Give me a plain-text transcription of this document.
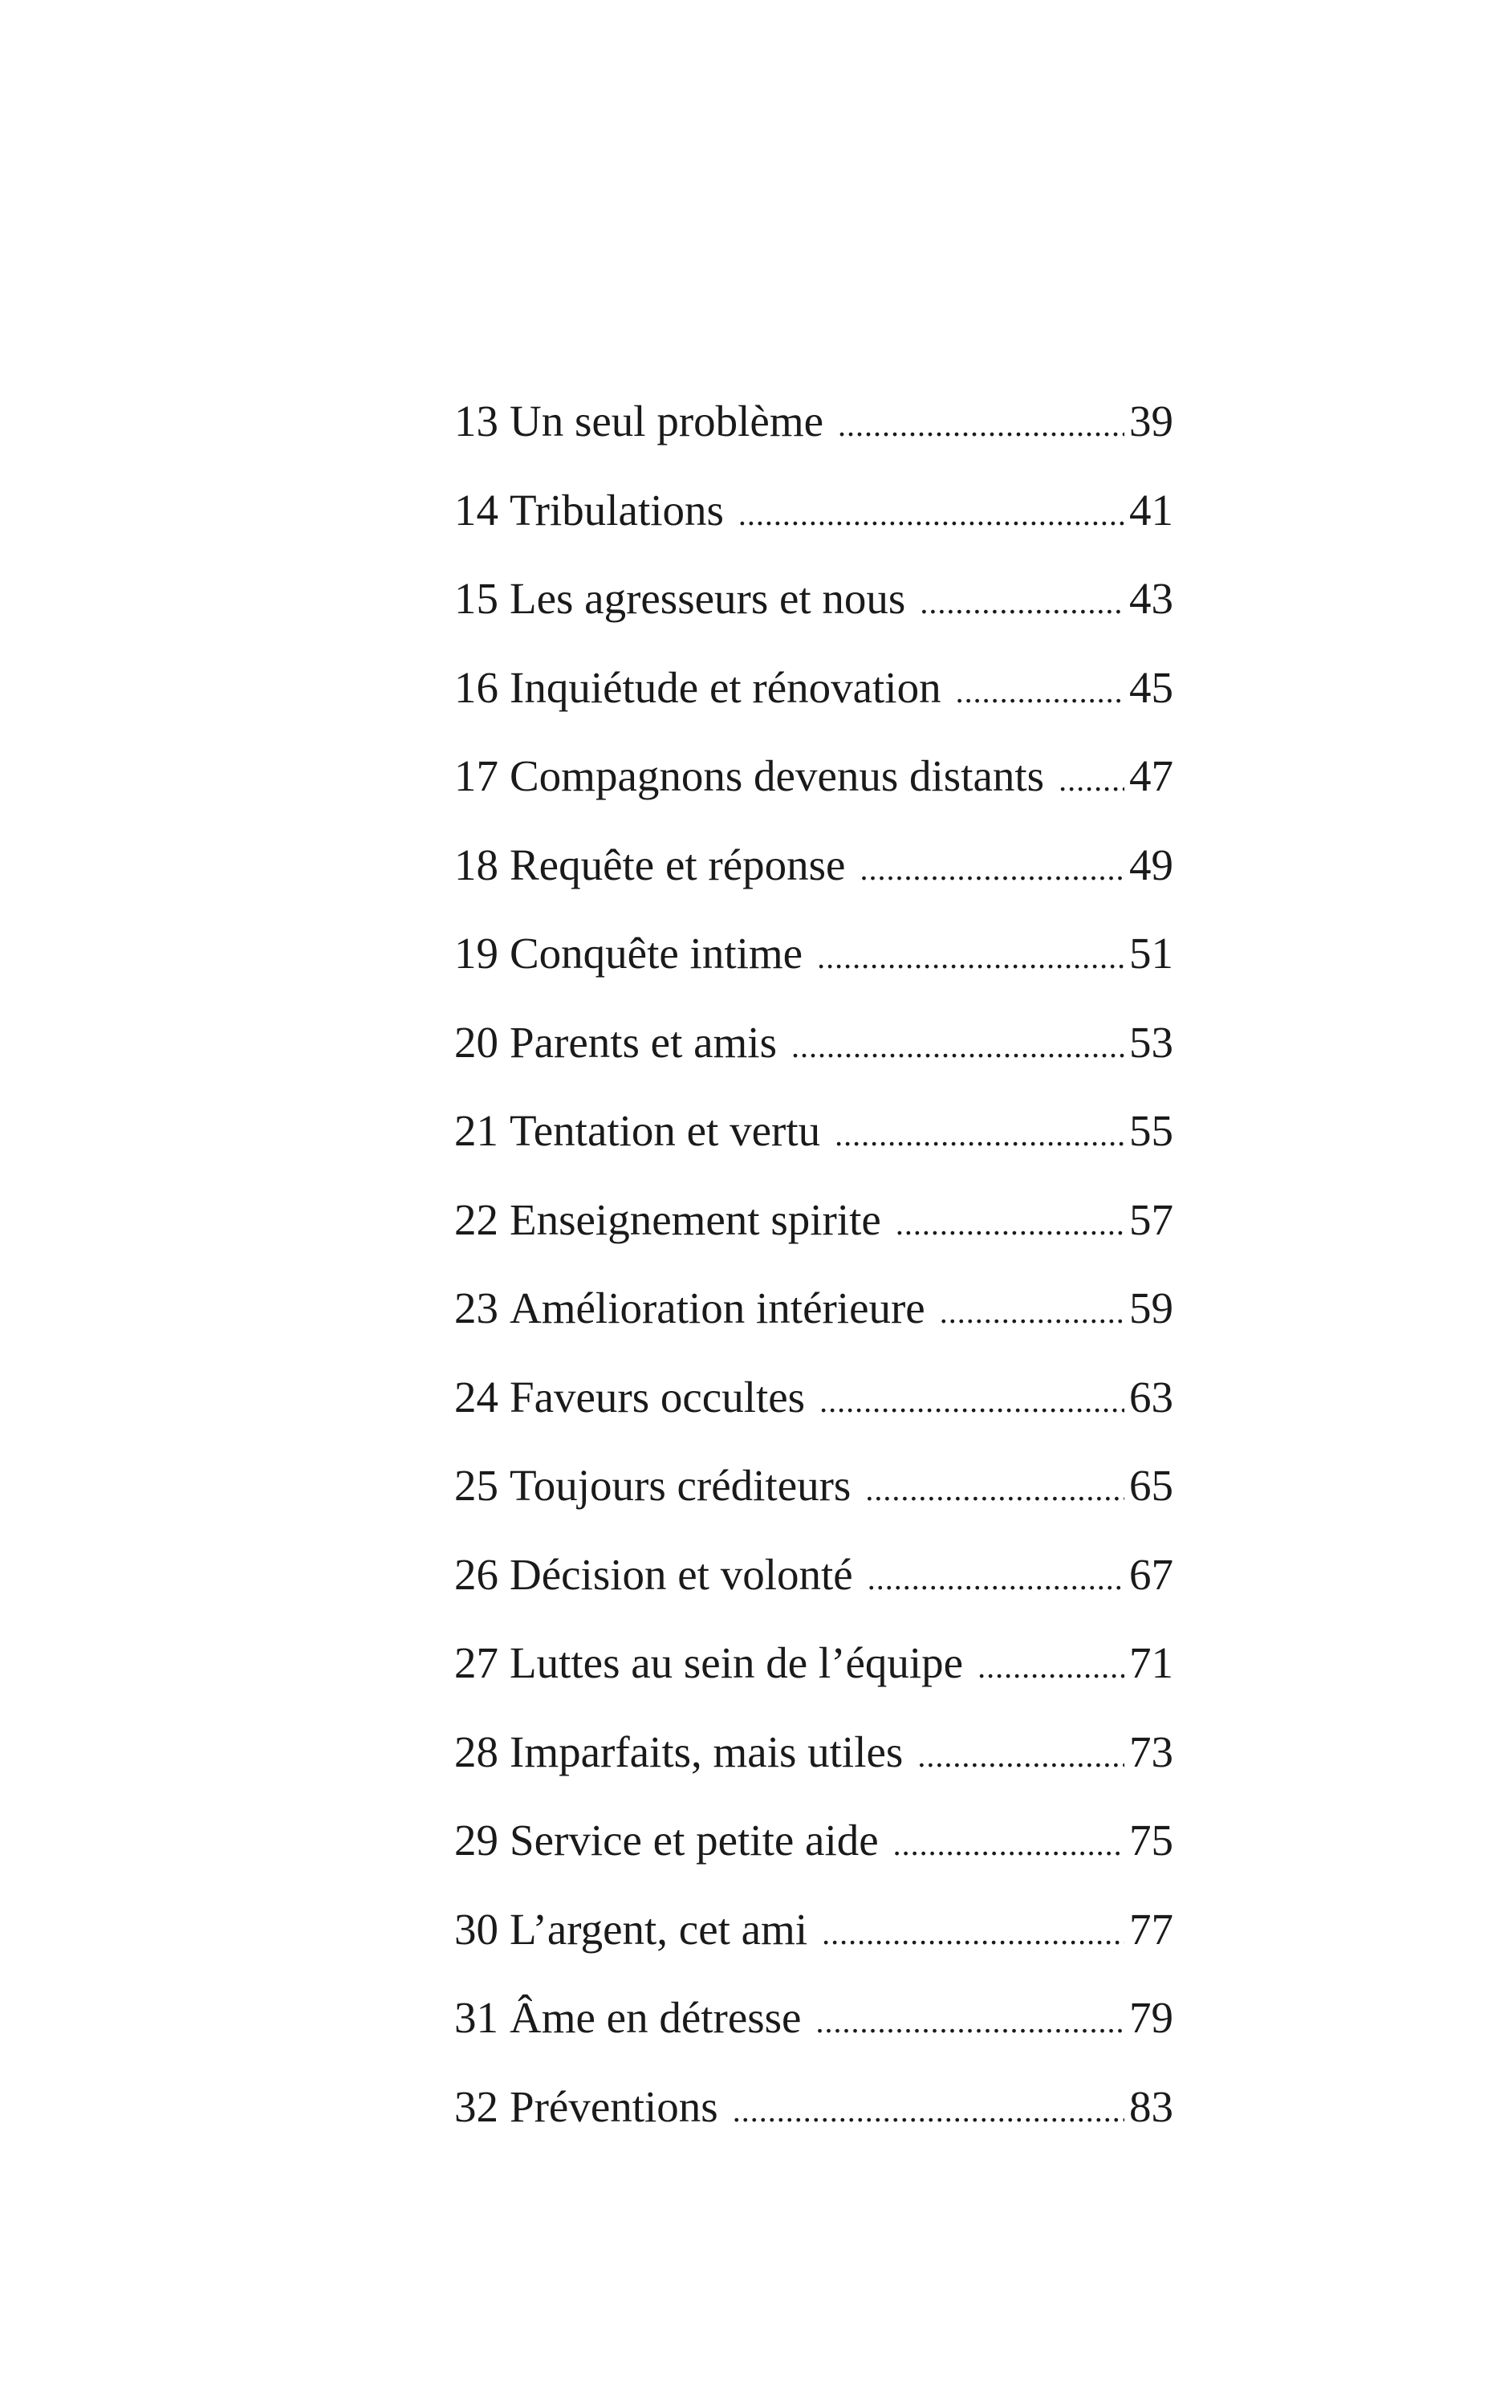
13 Un seul problème .....	39
14 Tribulations .....	41
15 Les agresseurs et nous .....	43
16 Inquiétude et rénovation .....	45
17 Compagnons devenus distants ..... 47
18 Requête et réponse .....	49
19 Conquête intime .....	51
20 Parents et amis .....	53
21 Tentation et vertu .....	55
22 Enseignement spirite .....	57
23 Amélioration intérieure .....	59
24 Faveurs occultes .....	63
25 Toujours créditeurs .....	65
26 Décision et volonté .....	67
27 Luttes au sein de l’équipe .....	71
28 Imparfaits, mais utiles .....	73
29 Service et petite aide .....	75
30 L’argent, cet ami .....	77
31 Âme en détresse .....	79
32 Préventions .....	83
